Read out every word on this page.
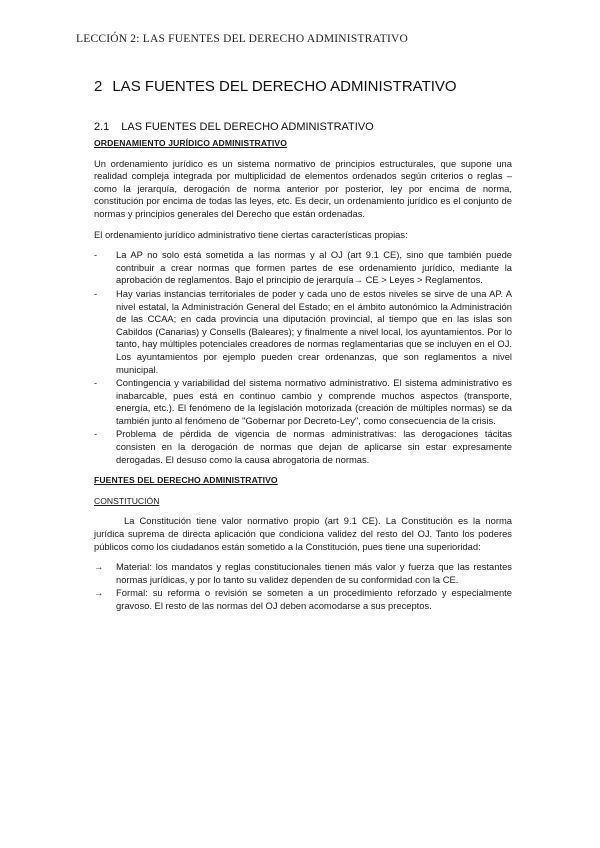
LECCIÓN 2: LAS FUENTES DEL DERECHO ADMINISTRATIVO
2 LAS FUENTES DEL DERECHO ADMINISTRATIVO
2.1 LAS FUENTES DEL DERECHO ADMINISTRATIVO
ORDENAMIENTO JURÍDICO ADMINISTRATIVO

Un ordenamiento jurídico es un sistema normativo de principios estructurales, que supone una realidad compleja integrada por multiplicidad de elementos ordenados según criterios o reglas – como la jerarquía, derogación de norma anterior por posterior, ley por encima de norma, constitución por encima de todas las leyes, etc. Es decir, un ordenamiento jurídico es el conjunto de normas y principios generales del Derecho que están ordenadas.

El ordenamiento jurídico administrativo tiene ciertas características propias:

- La AP no solo está sometida a las normas y al OJ (art 9.1 CE), sino que también puede contribuir a crear normas que formen partes de ese ordenamiento jurídico, mediante la aprobación de reglamentos. Bajo el principio de jerarquía→ CE > Leyes > Reglamentos.
- Hay varias instancias territoriales de poder y cada uno de estos niveles se sirve de una AP. A nivel estatal, la Administración General del Estado; en el ámbito autonómico la Administración de las CCAA; en cada provincia una diputación provincial, al tiempo que en las islas son Cabildos (Canarias) y Consells (Baleares); y finalmente a nivel local, los ayuntamientos. Por lo tanto, hay múltiples potenciales creadores de normas reglamentarias que se incluyen en el OJ. Los ayuntamientos por ejemplo pueden crear ordenanzas, que son reglamentos a nivel municipal.
- Contingencia y variabilidad del sistema normativo administrativo. El sistema administrativo es inabarcable, pues está en continuo cambio y comprende muchos aspectos (transporte, energía, etc.). El fenómeno de la legislación motorizada (creación de múltiples normas) se da también junto al fenómeno de "Gobernar por Decreto-Ley", como consecuencia de la crisis.
- Problema de pérdida de vigencia de normas administrativas: las derogaciones tácitas consisten en la derogación de normas que dejan de aplicarse sin estar expresamente derogadas. El desuso como la causa abrogatoria de normas.
FUENTES DEL DERECHO ADMINISTRATIVO
CONSTITUCIÓN

La Constitución tiene valor normativo propio (art 9.1 CE). La Constitución es la norma jurídica suprema de directa aplicación que condiciona validez del resto del OJ. Tanto los poderes públicos como los ciudadanos están sometido a la Constitución, pues tiene una superioridad:

→ Material: los mandatos y reglas constitucionales tienen más valor y fuerza que las restantes normas jurídicas, y por lo tanto su validez dependen de su conformidad con la CE.
→ Formal: su reforma o revisión se someten a un procedimiento reforzado y especialmente gravoso. El resto de las normas del OJ deben acomodarse a sus preceptos.
